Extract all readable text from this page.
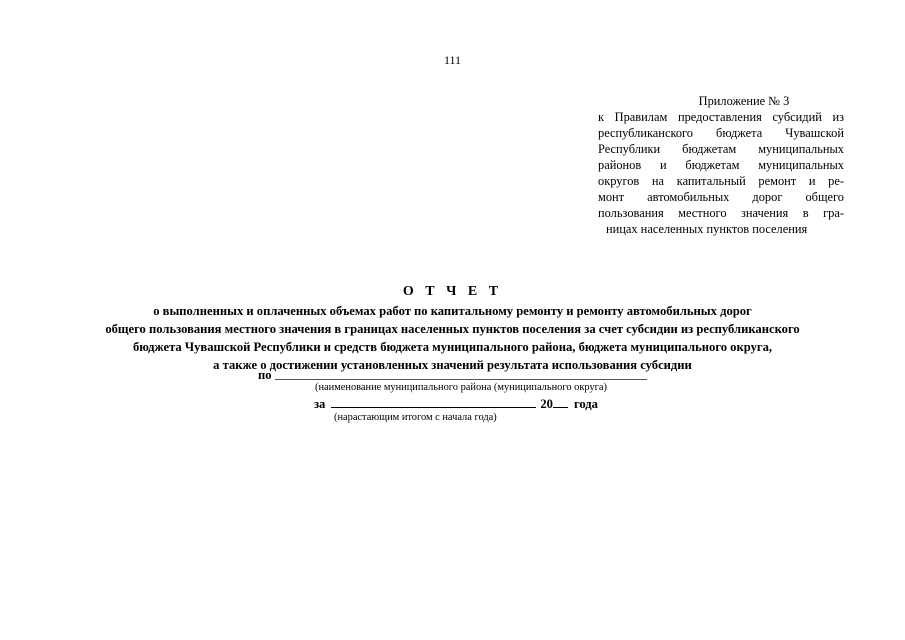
111
Приложение № 3
к Правилам предоставления субсидий из
республиканского бюджета Чувашской
Республики бюджетам муниципальных
районов и бюджетам муниципальных
округов на капитальный ремонт и ре-
монт автомобильных дорог общего
пользования местного значения в гра-
ницах населенных пунктов поселения
О Т Ч Е Т
о выполненных и оплаченных объемах работ по капитальному ремонту и ремонту автомобильных дорог
общего пользования местного значения в границах населенных пунктов поселения за счет субсидии из республиканского
бюджета Чувашской Республики и средств бюджета муниципального района, бюджета муниципального округа,
а также о достижении установленных значений результата использования субсидии
по
(наименование муниципального района (муниципального округа)
за	20 года
(нарастающим итогом с начала года)
